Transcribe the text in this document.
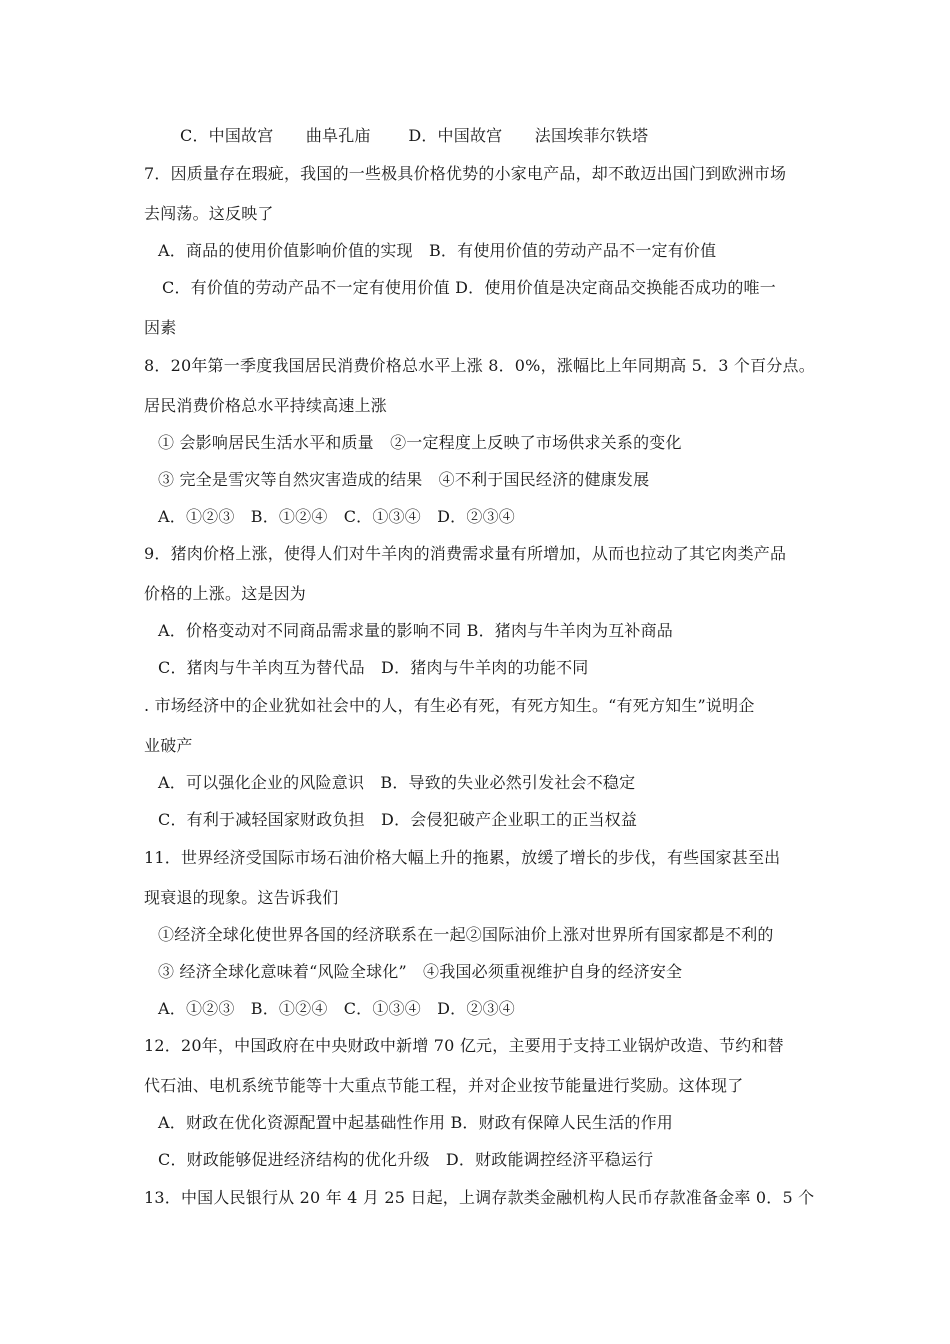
C．中国故宫　　曲阜孔庙　　 D．中国故宫　　法国埃菲尔铁塔
7．因质量存在瑕疵，我国的一些极具价格优势的小家电产品，却不敢迈出国门到欧洲市场
去闯荡。这反映了
A．商品的使用价值影响价值的实现　B．有使用价值的劳动产品不一定有价值
C．有价值的劳动产品不一定有使用价值 D．使用价值是决定商品交换能否成功的唯一
因素
8．20年第一季度我国居民消费价格总水平上涨 8．0%，涨幅比上年同期高 5．3 个百分点。
居民消费价格总水平持续高速上涨
① 会影响居民生活水平和质量　②一定程度上反映了市场供求关系的变化
③ 完全是雪灾等自然灾害造成的结果　④不利于国民经济的健康发展
A．①②③　B．①②④　C．①③④　D．②③④
9．猪肉价格上涨，使得人们对牛羊肉的消费需求量有所增加，从而也拉动了其它肉类产品
价格的上涨。这是因为
A．价格变动对不同商品需求量的影响不同 B．猪肉与牛羊肉为互补商品
C．猪肉与牛羊肉互为替代品　D．猪肉与牛羊肉的功能不同
. 市场经济中的企业犹如社会中的人，有生必有死，有死方知生。“有死方知生”说明企
业破产
A．可以强化企业的风险意识　B．导致的失业必然引发社会不稳定
C．有利于减轻国家财政负担　D．会侵犯破产企业职工的正当权益
11．世界经济受国际市场石油价格大幅上升的拖累，放缓了增长的步伐，有些国家甚至出
现衰退的现象。这告诉我们
①经济全球化使世界各国的经济联系在一起②国际油价上涨对世界所有国家都是不利的
③ 经济全球化意味着“风险全球化”　④我国必须重视维护自身的经济安全
A．①②③　B．①②④　C．①③④　D．②③④
12．20年，中国政府在中央财政中新增 70 亿元，主要用于支持工业锅炉改造、节约和替
代石油、电机系统节能等十大重点节能工程，并对企业按节能量进行奖励。这体现了
A．财政在优化资源配置中起基础性作用 B．财政有保障人民生活的作用
C．财政能够促进经济结构的优化升级　D．财政能调控经济平稳运行
13．中国人民银行从 20 年 4 月 25 日起，上调存款类金融机构人民币存款准备金率 0．5 个
